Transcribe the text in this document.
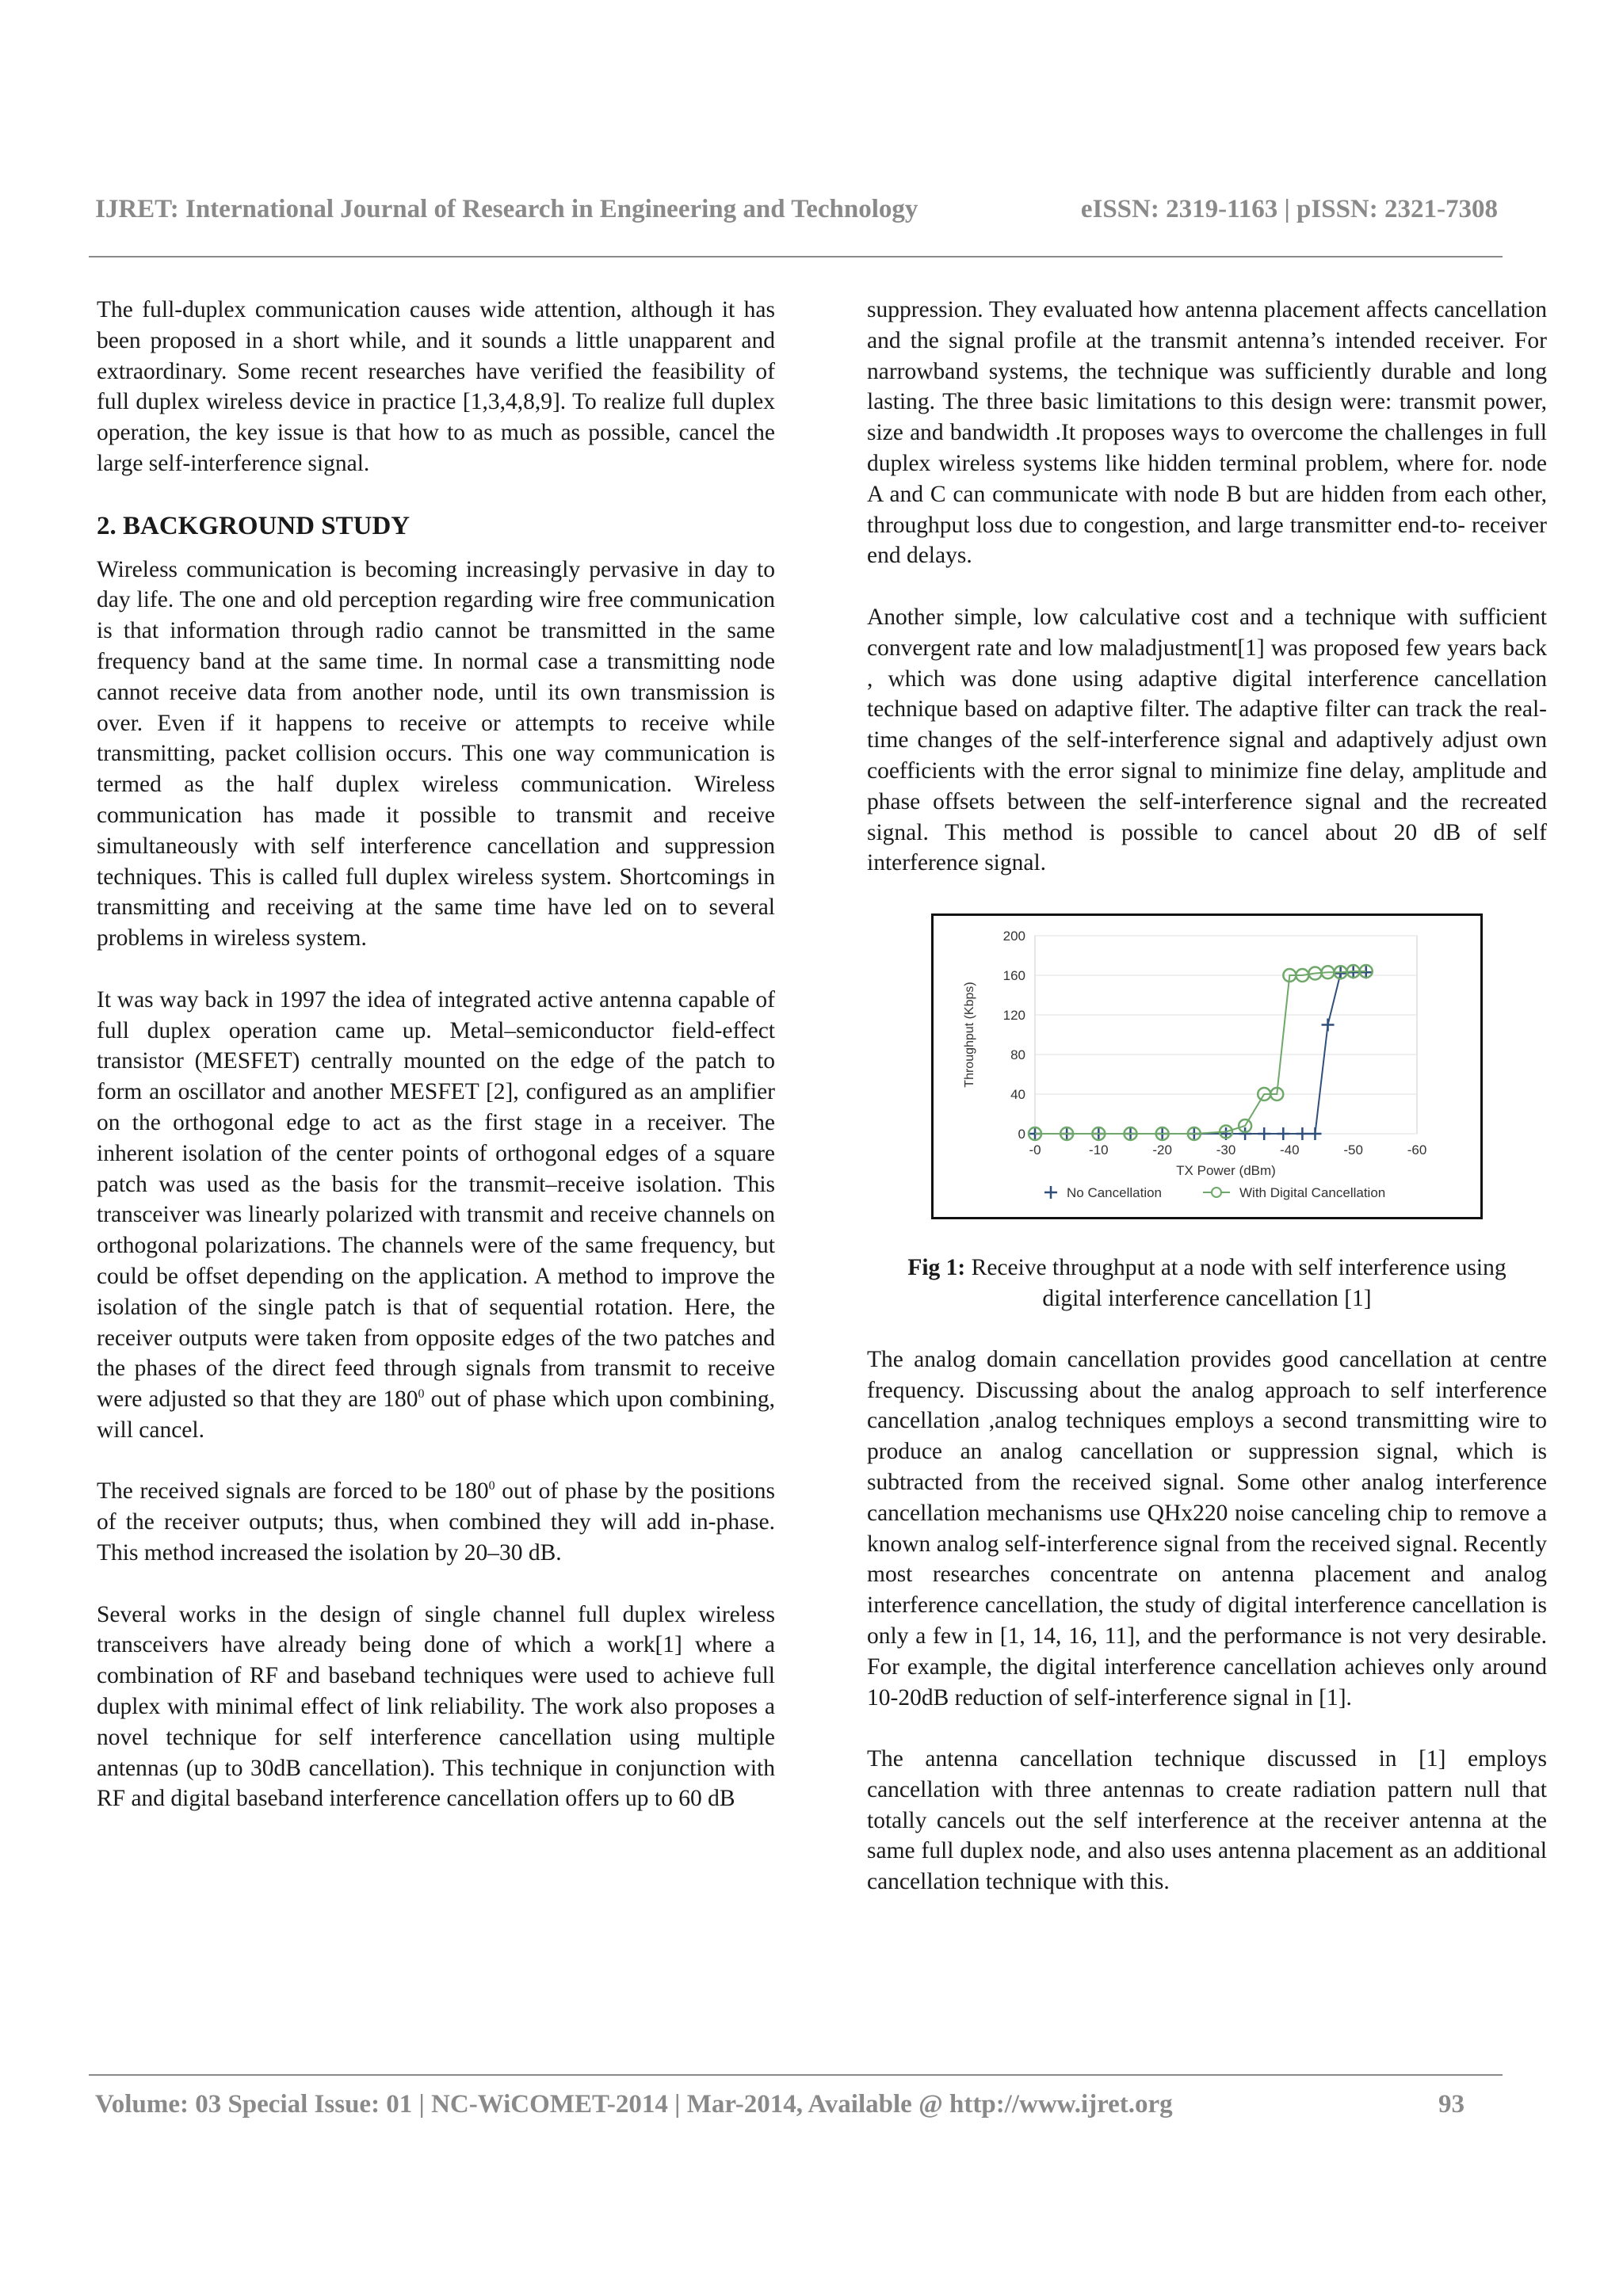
IJRET: International Journal of Research in Engineering and Technology	eISSN: 2319-1163 | pISSN: 2321-7308

The full-duplex communication causes wide attention, although it has been proposed in a short while, and it sounds a little unapparent and extraordinary. Some recent researches have verified the feasibility of full duplex wireless device in practice [1,3,4,8,9]. To realize full duplex operation, the key issue is that how to as much as possible, cancel the large self-interference signal.

2. BACKGROUND STUDY

Wireless communication is becoming increasingly pervasive in day to day life. The one and old perception regarding wire free communication is that information through radio cannot be transmitted in the same frequency band at the same time. In normal case a transmitting node cannot receive data from another node, until its own transmission is over. Even if it happens to receive or attempts to receive while transmitting, packet collision occurs. This one way communication is termed as the half duplex wireless communication. Wireless communication has made it possible to transmit and receive simultaneously with self interference cancellation and suppression techniques. This is called full duplex wireless system. Shortcomings in transmitting and receiving at the same time have led on to several problems in wireless system.

It was way back in 1997 the idea of integrated active antenna capable of full duplex operation came up. Metal–semiconductor field-effect transistor (MESFET) centrally mounted on the edge of the patch to form an oscillator and another MESFET [2], configured as an amplifier on the orthogonal edge to act as the first stage in a receiver. The inherent isolation of the center points of orthogonal edges of a square patch was used as the basis for the transmit–receive isolation. This transceiver was linearly polarized with transmit and receive channels on orthogonal polarizations. The channels were of the same frequency, but could be offset depending on the application. A method to improve the isolation of the single patch is that of sequential rotation. Here, the receiver outputs were taken from opposite edges of the two patches and the phases of the direct feed through signals from transmit to receive were adjusted so that they are $180^0$ out of phase which upon combining, will cancel.

The received signals are forced to be $180^0$ out of phase by the positions of the receiver outputs; thus, when combined they will add in-phase. This method increased the isolation by 20–30 dB.

Several works in the design of single channel full duplex wireless transceivers have already being done of which a work[1] where a combination of RF and baseband techniques were used to achieve full duplex with minimal effect of link reliability. The work also proposes a novel technique for self interference cancellation using multiple antennas (up to 30dB cancellation). This technique in conjunction with RF and digital baseband interference cancellation offers up to 60 dB

suppression. They evaluated how antenna placement affects cancellation and the signal profile at the transmit antenna’s intended receiver. For narrowband systems, the technique was sufficiently durable and long lasting. The three basic limitations to this design were: transmit power, size and bandwidth .It proposes ways to overcome the challenges in full duplex wireless systems like hidden terminal problem, where for. node A and C can communicate with node B but are hidden from each other, throughput loss due to congestion, and large transmitter end-to- receiver end delays.

Another simple, low calculative cost and a technique with sufficient convergent rate and low maladjustment[1] was proposed few years back , which was done using adaptive digital interference cancellation technique based on adaptive filter. The adaptive filter can track the real-time changes of the self-interference signal and adaptively adjust own coefficients with the error signal to minimize fine delay, amplitude and phase offsets between the self-interference signal and the recreated signal. This method is possible to cancel about 20 dB of self interference signal.

0
40
80
120
160
200
-0	-10	-20	-30	-40	-50	-60
TX Power (dBm)
Throughput (Kbps)
No Cancellation	With Digital Cancellation
Fig 1: Receive throughput at a node with self interference using digital interference cancellation [1]

The analog domain cancellation provides good cancellation at centre frequency. Discussing about the analog approach to self interference cancellation ,analog techniques employs a second transmitting wire to produce an analog cancellation or suppression signal, which is subtracted from the received signal. Some other analog interference cancellation mechanisms use QHx220 noise canceling chip to remove a known analog self-interference signal from the received signal. Recently most researches concentrate on antenna placement and analog interference cancellation, the study of digital interference cancellation is only a few in [1, 14, 16, 11], and the performance is not very desirable. For example, the digital interference cancellation achieves only around 10-20dB reduction of self-interference signal in [1].

The antenna cancellation technique discussed in [1] employs cancellation with three antennas to create radiation pattern null that totally cancels out the self interference at the receiver antenna at the same full duplex node, and also uses antenna placement as an additional cancellation technique with this.

Volume: 03 Special Issue: 01 | NC-WiCOMET-2014 | Mar-2014, Available @ http://www.ijret.org	93
